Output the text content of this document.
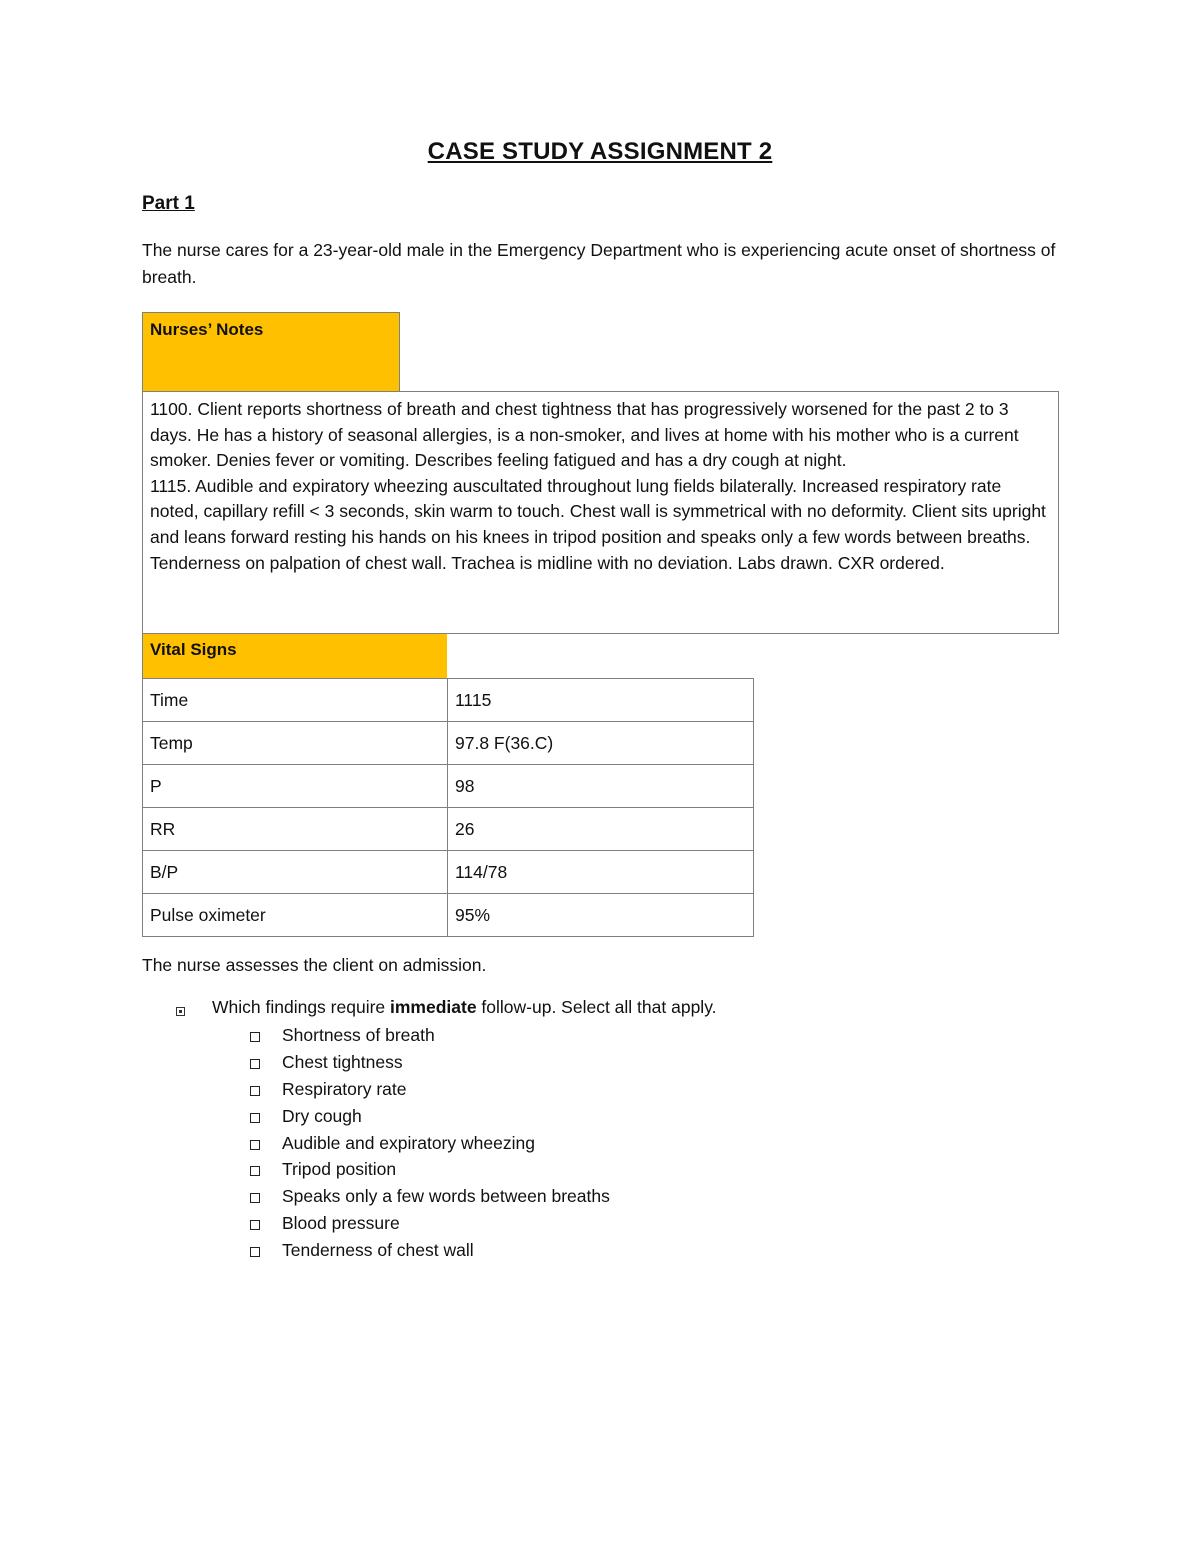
CASE STUDY ASSIGNMENT 2
Part 1
The nurse cares for a 23-year-old male in the Emergency Department who is experiencing acute onset of shortness of breath.
Nurses’ Notes

1100. Client reports shortness of breath and chest tightness that has progressively worsened for the past 2 to 3 days. He has a history of seasonal allergies, is a non-smoker, and lives at home with his mother who is a current smoker. Denies fever or vomiting. Describes feeling fatigued and has a dry cough at night.

1115. Audible and expiratory wheezing auscultated throughout lung fields bilaterally. Increased respiratory rate noted, capillary refill < 3 seconds, skin warm to touch. Chest wall is symmetrical with no deformity. Client sits upright and leans forward resting his hands on his knees in tripod position and speaks only a few words between breaths. Tenderness on palpation of chest wall. Trachea is midline with no deviation. Labs drawn. CXR ordered.

Vital Signs
Time	1115
Temp	97.8 F(36.C)
P	98
RR	26
B/P	114/78
Pulse oximeter	95%
The nurse assesses the client on admission.
Which findings require immediate follow-up. Select all that apply.
Shortness of breath
Chest tightness
Respiratory rate
Dry cough
Audible and expiratory wheezing
Tripod position
Speaks only a few words between breaths
Blood pressure
Tenderness of chest wall
